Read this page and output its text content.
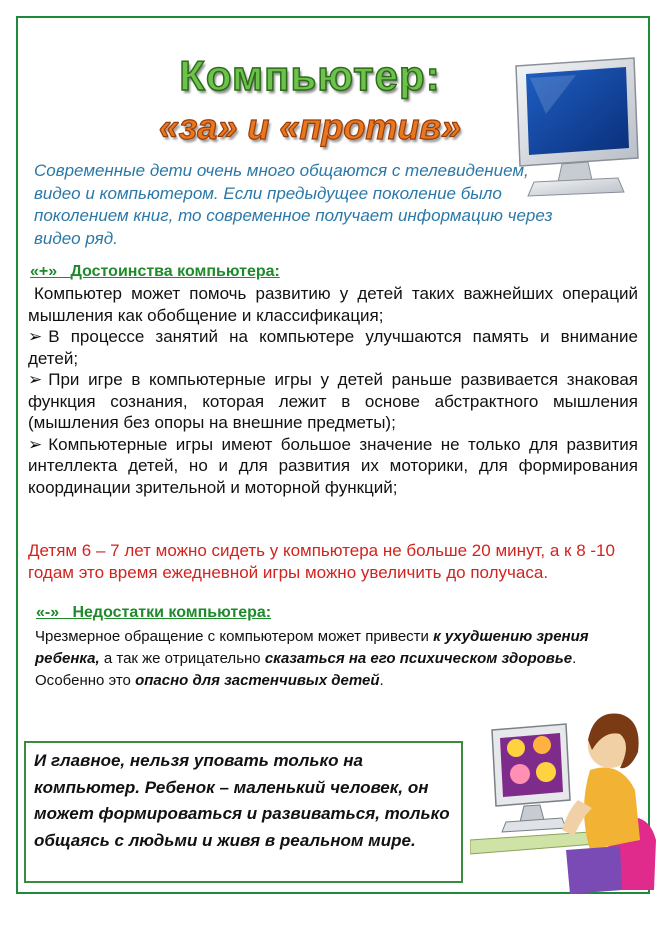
Компьютер:
«за» и «против»
Современные дети очень много общаются с телевидением, видео и компьютером. Если предыдущее поколение было поколением книг, то современное получает информацию через видео ряд.
«+» Достоинства компьютера:

Компьютер может помочь развитию у детей таких важнейших операций мышления как обобщение и классификация;

➢ В процессе занятий на компьютере улучшаются память и внимание детей;

➢ При игре в компьютерные игры у детей раньше развивается знаковая функция сознания, которая лежит в основе абстрактного мышления (мышления без опоры на внешние предметы);

➢ Компьютерные игры имеют большое значение не только для развития интеллекта детей, но и для развития их моторики, для формирования координации зрительной и моторной функций;

Детям 6 – 7 лет можно сидеть у компьютера не больше 20 минут, а к 8 -10 годам это время ежедневной игры можно увеличить до получаса.
«-» Недостатки компьютера:
Чрезмерное обращение с компьютером может привести к ухудшению зрения ребенка, а так же отрицательно сказаться на его психическом здоровье. Особенно это опасно для застенчивых детей.
И главное, нельзя уповать только на компьютер. Ребенок – маленький человек, он может формироваться и развиваться, только общаясь с людьми и живя в реальном мире.
